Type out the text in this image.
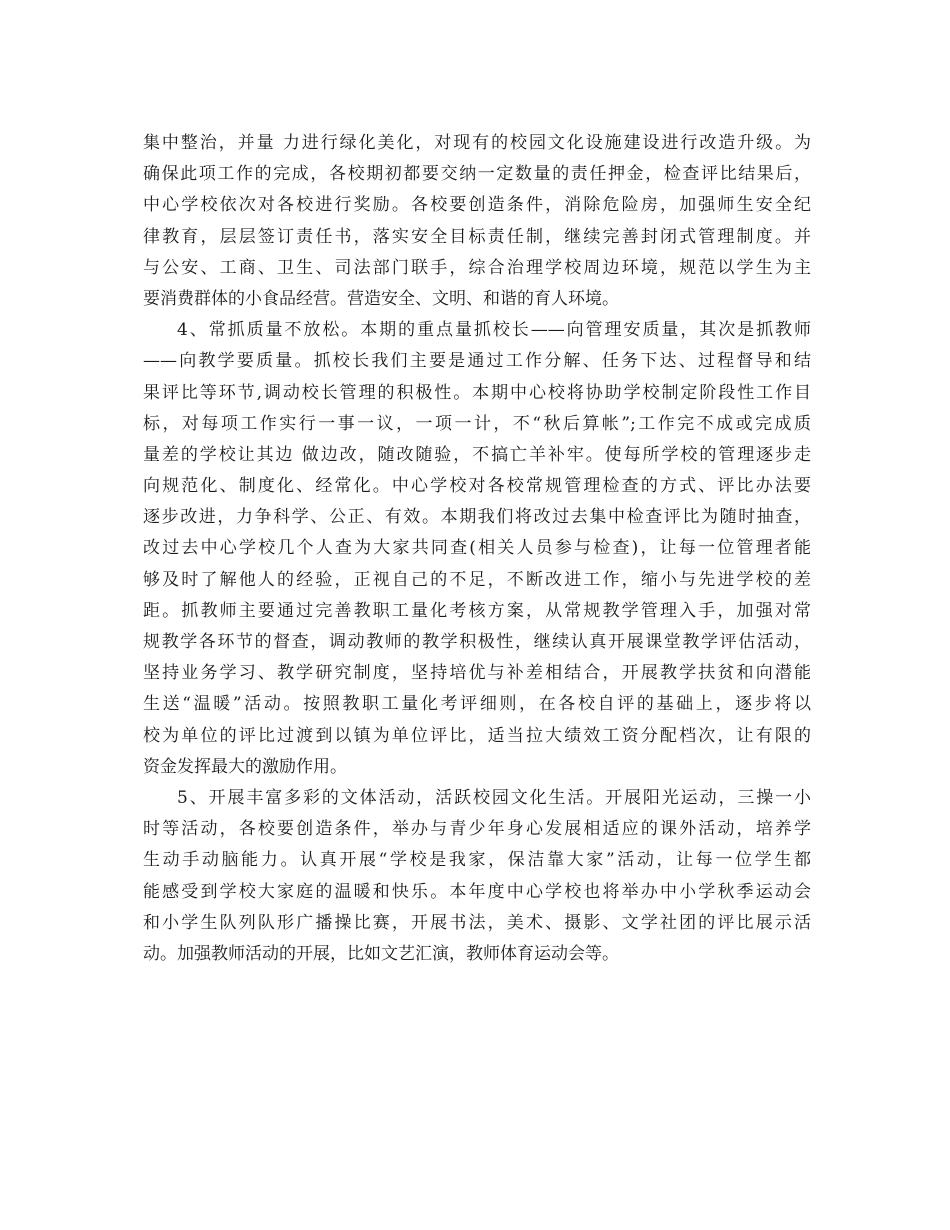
集中整治，并量 力进行绿化美化，对现有的校园文化设施建设进行改造升级。为
确保此项工作的完成，各校期初都要交纳一定数量的责任押金，检查评比结果后，
中心学校依次对各校进行奖励。各校要创造条件，消除危险房，加强师生安全纪
律教育，层层签订责任书，落实安全目标责任制，继续完善封闭式管理制度。并
与公安、工商、卫生、司法部门联手，综合治理学校周边环境，规范以学生为主
要消费群体的小食品经营。营造安全、文明、和谐的育人环境。
4、常抓质量不放松。本期的重点量抓校长——向管理安质量，其次是抓教师
——向教学要质量。抓校长我们主要是通过工作分解、任务下达、过程督导和结
果评比等环节,调动校长管理的积极性。本期中心校将协助学校制定阶段性工作目
标，对每项工作实行一事一议，一项一计，不“秋后算帐”;工作完不成或完成质
量差的学校让其边 做边改，随改随验，不搞亡羊补牢。使每所学校的管理逐步走
向规范化、制度化、经常化。中心学校对各校常规管理检查的方式、评比办法要
逐步改进，力争科学、公正、有效。本期我们将改过去集中检查评比为随时抽查，
改过去中心学校几个人查为大家共同查(相关人员参与检查)，让每一位管理者能
够及时了解他人的经验，正视自己的不足，不断改进工作，缩小与先进学校的差
距。抓教师主要通过完善教职工量化考核方案，从常规教学管理入手，加强对常
规教学各环节的督查，调动教师的教学积极性，继续认真开展课堂教学评估活动，
坚持业务学习、教学研究制度，坚持培优与补差相结合，开展教学扶贫和向潜能
生送“温暖”活动。按照教职工量化考评细则，在各校自评的基础上，逐步将以
校为单位的评比过渡到以镇为单位评比，适当拉大绩效工资分配档次，让有限的
资金发挥最大的激励作用。
5、开展丰富多彩的文体活动，活跃校园文化生活。开展阳光运动，三操一小
时等活动，各校要创造条件，举办与青少年身心发展相适应的课外活动，培养学
生动手动脑能力。认真开展“学校是我家，保洁靠大家”活动，让每一位学生都
能感受到学校大家庭的温暖和快乐。本年度中心学校也将举办中小学秋季运动会
和小学生队列队形广播操比赛，开展书法，美术、摄影、文学社团的评比展示活
动。加强教师活动的开展，比如文艺汇演，教师体育运动会等。
